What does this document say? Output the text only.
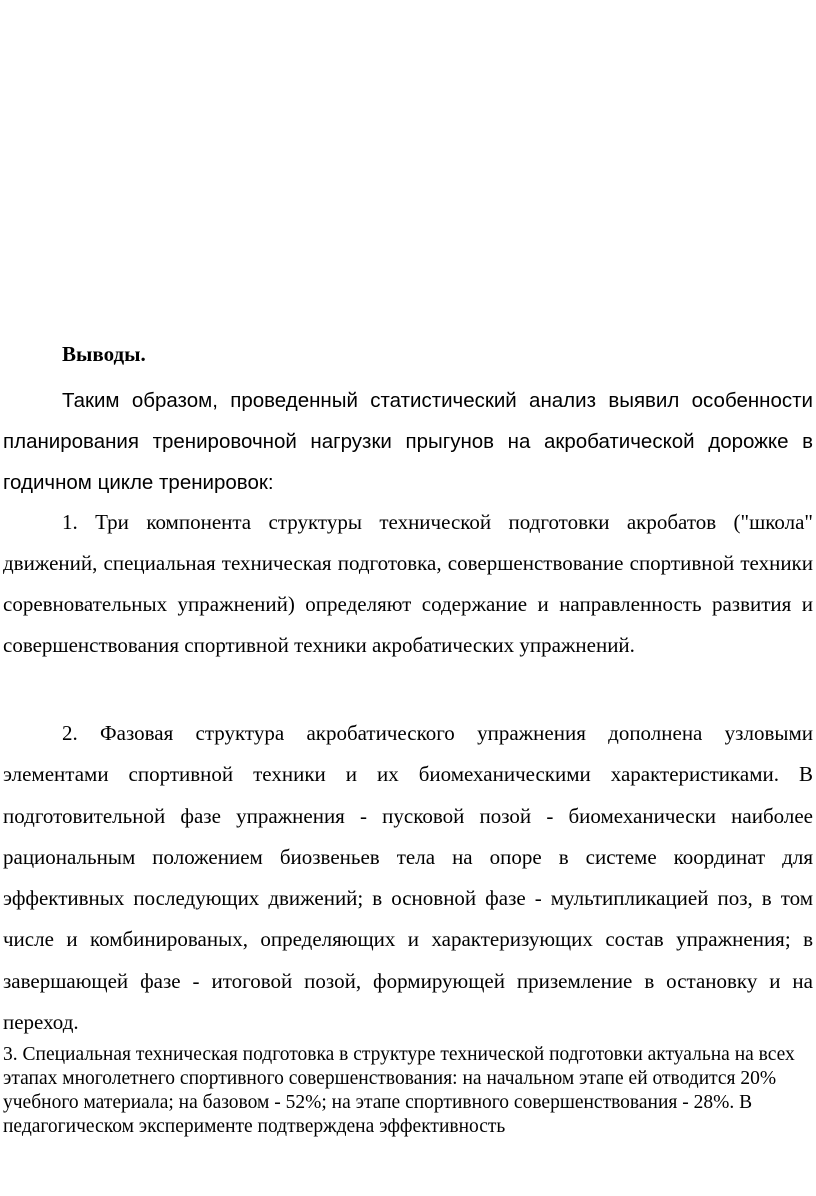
Выводы.

Таким образом, проведенный статистический анализ выявил особенности планирования тренировочной нагрузки прыгунов на акробатической дорожке в годичном цикле тренировок:

1. Три компонента структуры технической подготовки акробатов ("школа" движений, специальная техническая подготовка, совершенствование спортивной техники соревновательных упражнений) определяют содержание и направленность развития и совершенствования спортивной техники акробатических упражнений.

2. Фазовая структура акробатического упражнения дополнена узловыми элементами спортивной техники и их биомеханическими характеристиками. В подготовительной фазе упражнения - пусковой позой - биомеханически наиболее рациональным положением биозвеньев тела на опоре в системе координат для эффективных последующих движений; в основной фазе - мультипликацией поз, в том числе и комбинированых, определяющих и характеризующих состав упражнения; в завершающей фазе - итоговой позой, формирующей приземление в остановку и на переход.

3. Специальная техническая подготовка в структуре технической подготовки актуальна на всех этапах многолетнего спортивного совершенствования: на начальном этапе ей отводится 20% учебного материала; на базовом - 52%; на этапе спортивного совершенствования - 28%. В педагогическом эксперименте подтверждена эффективность
